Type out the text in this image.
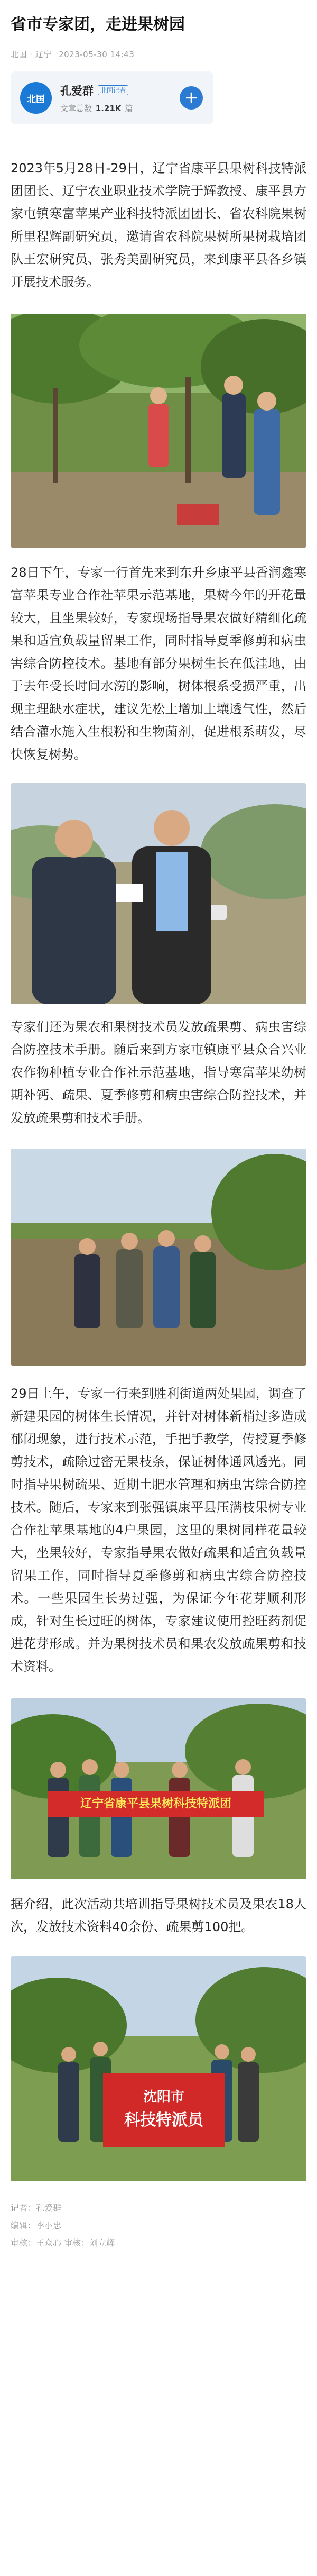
省市专家团，走进果树园
北国 · 辽宁 2023-05-30 14:43
北国
孔爱群	北国记者
文章总数 1.21K 篇
+

2023年5月28日-29日，辽宁省康平县果树科技特派团团长、辽宁农业职业技术学院于辉教授、康平县方家屯镇寒富苹果产业科技特派团团长、省农科院果树所里程辉副研究员，邀请省农科院果树所果树栽培团队王宏研究员、张秀美副研究员，来到康平县各乡镇开展技术服务。

28日下午，专家一行首先来到东升乡康平县香润鑫寒富苹果专业合作社苹果示范基地，果树今年的开花量较大，且坐果较好，专家现场指导果农做好精细化疏果和适宜负载量留果工作，同时指导夏季修剪和病虫害综合防控技术。基地有部分果树生长在低洼地，由于去年受长时间水涝的影响，树体根系受损严重，出现主理缺水症状，建议先松土增加土壤透气性，然后结合灌水施入生根粉和生物菌剂，促进根系萌发，尽快恢复树势。

专家们还为果农和果树技术员发放疏果剪、病虫害综合防控技术手册。随后来到方家屯镇康平县众合兴业农作物种植专业合作社示范基地，指导寒富苹果幼树期补钙、疏果、夏季修剪和病虫害综合防控技术，并发放疏果剪和技术手册。

29日上午，专家一行来到胜利街道两处果园，调查了新建果园的树体生长情况，并针对树体新梢过多造成郁闭现象，进行技术示范，手把手教学，传授夏季修剪技术，疏除过密无果枝条，保证树体通风透光。同时指导果树疏果、近期土肥水管理和病虫害综合防控技术。随后，专家来到张强镇康平县压满枝果树专业合作社苹果基地的4户果园，这里的果树同样花量较大，坐果较好，专家指导果农做好疏果和适宜负载量留果工作，同时指导夏季修剪和病虫害综合防控技术。一些果园生长势过强，为保证今年花芽顺利形成，针对生长过旺的树体，专家建议使用控旺药剂促进花芽形成。并为果树技术员和果农发放疏果剪和技术资料。

辽宁省康平县果树科技特派团

据介绍，此次活动共培训指导果树技术员及果农18人次，发放技术资料40余份、疏果剪100把。

沈阳市
科技特派员
记者：孔爱群
编辑：李小忠
审核：王众心 审核：刘立辉
